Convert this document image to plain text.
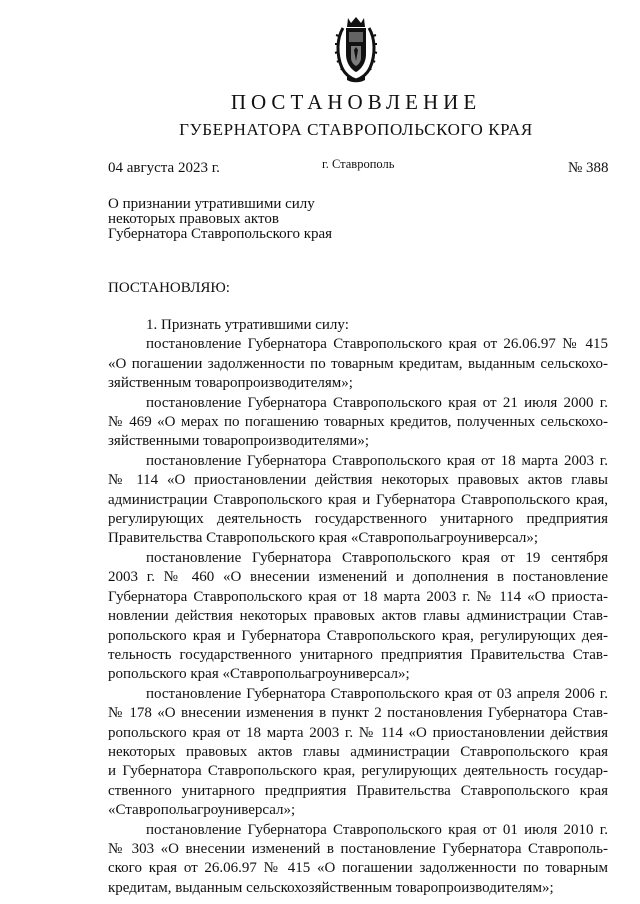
ПОСТАНОВЛЕНИЕ
ГУБЕРНАТОРА СТАВРОПОЛЬСКОГО КРАЯ
04 августа 2023 г.	г. Ставрополь	№ 388
О признании утратившими силу
некоторых правовых актов
Губернатора Ставропольского края
ПОСТАНОВЛЯЮ:
1. Признать утратившими силу:
постановление Губернатора Ставропольского края от 26.06.97 № 415
«О погашении задолженности по товарным кредитам, выданным сельскохо-
зяйственным товаропроизводителям»;
постановление Губернатора Ставропольского края от 21 июля 2000 г.
№ 469 «О мерах по погашению товарных кредитов, полученных сельскохо-
зяйственными товаропроизводителями»;
постановление Губернатора Ставропольского края от 18 марта 2003 г.
№ 114 «О приостановлении действия некоторых правовых актов главы
администрации Ставропольского края и Губернатора Ставропольского края,
регулирующих деятельность государственного унитарного предприятия
Правительства Ставропольского края «Ставропольагроуниверсал»;
постановление Губернатора Ставропольского края от 19 сентября
2003 г. № 460 «О внесении изменений и дополнения в постановление
Губернатора Ставропольского края от 18 марта 2003 г. № 114 «О приоста-
новлении действия некоторых правовых актов главы администрации Став-
ропольского края и Губернатора Ставропольского края, регулирующих дея-
тельность государственного унитарного предприятия Правительства Став-
ропольского края «Ставропольагроуниверсал»;
постановление Губернатора Ставропольского края от 03 апреля 2006 г.
№ 178 «О внесении изменения в пункт 2 постановления Губернатора Став-
ропольского края от 18 марта 2003 г. № 114 «О приостановлении действия
некоторых правовых актов главы администрации Ставропольского края
и Губернатора Ставропольского края, регулирующих деятельность государ-
ственного унитарного предприятия Правительства Ставропольского края
«Ставропольагроуниверсал»;
постановление Губернатора Ставропольского края от 01 июля 2010 г.
№ 303 «О внесении изменений в постановление Губернатора Ставрополь-
ского края от 26.06.97 № 415 «О погашении задолженности по товарным
кредитам, выданным сельскохозяйственным товаропроизводителям»;
